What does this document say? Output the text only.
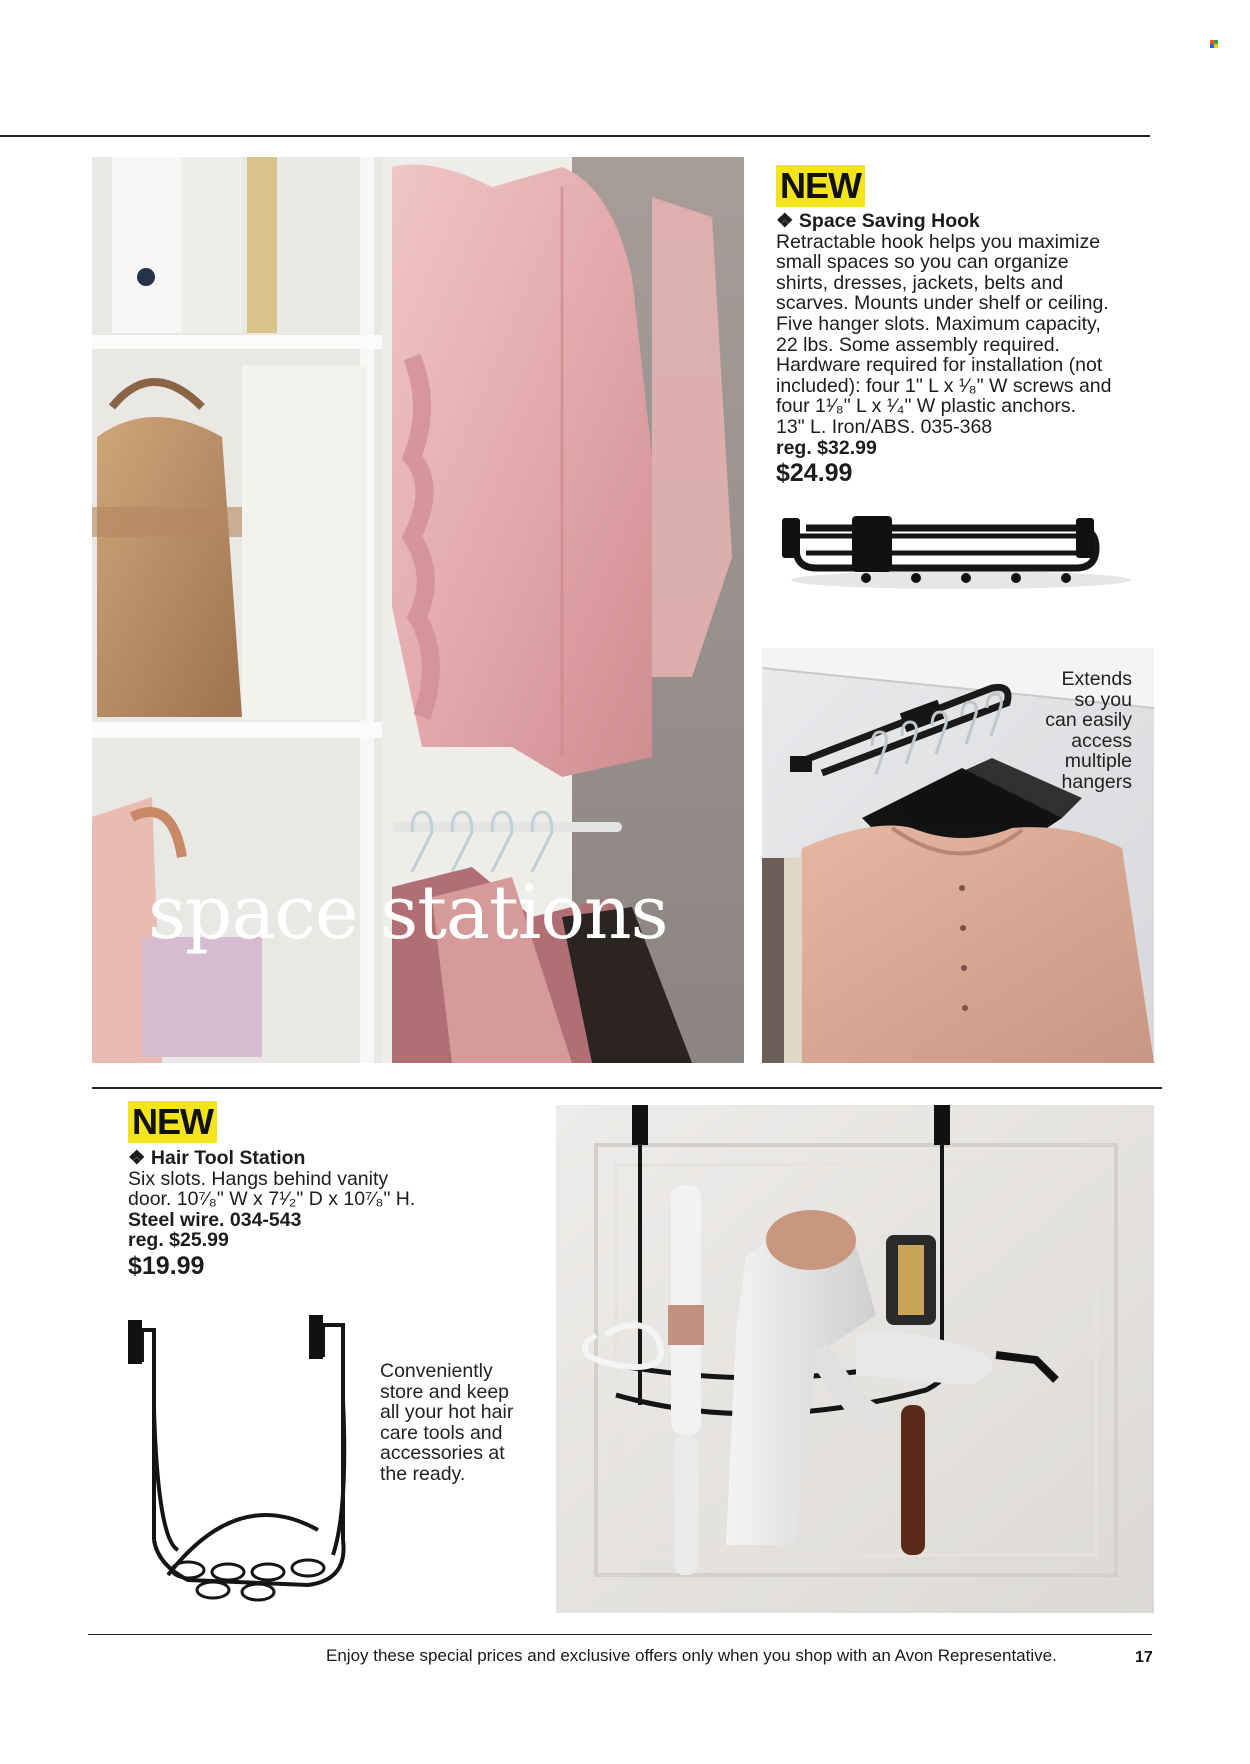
space stations
NEW
❖ Space Saving Hook
Retractable hook helps you maximize
small spaces so you can organize
shirts, dresses, jackets, belts and
scarves. Mounts under shelf or ceiling.
Five hanger slots. Maximum capacity,
22 lbs. Some assembly required.
Hardware required for installation (not
included): four 1" L x ¹⁄₈" W screws and
four 1¹⁄₈" L x ¹⁄₄" W plastic anchors.
13" L. Iron/ABS. 035-368
reg. $32.99
$24.99
Extends
so you
can easily
access
multiple
hangers
NEW
❖ Hair Tool Station
Six slots. Hangs behind vanity
door. 10⁷⁄₈" W x 7¹⁄₂" D x 10⁷⁄₈" H.
Steel wire. 034-543
reg. $25.99
$19.99
Conveniently
store and keep
all your hot hair
care tools and
accessories at
the ready.
Enjoy these special prices and exclusive offers only when you shop with an Avon Representative.	17
